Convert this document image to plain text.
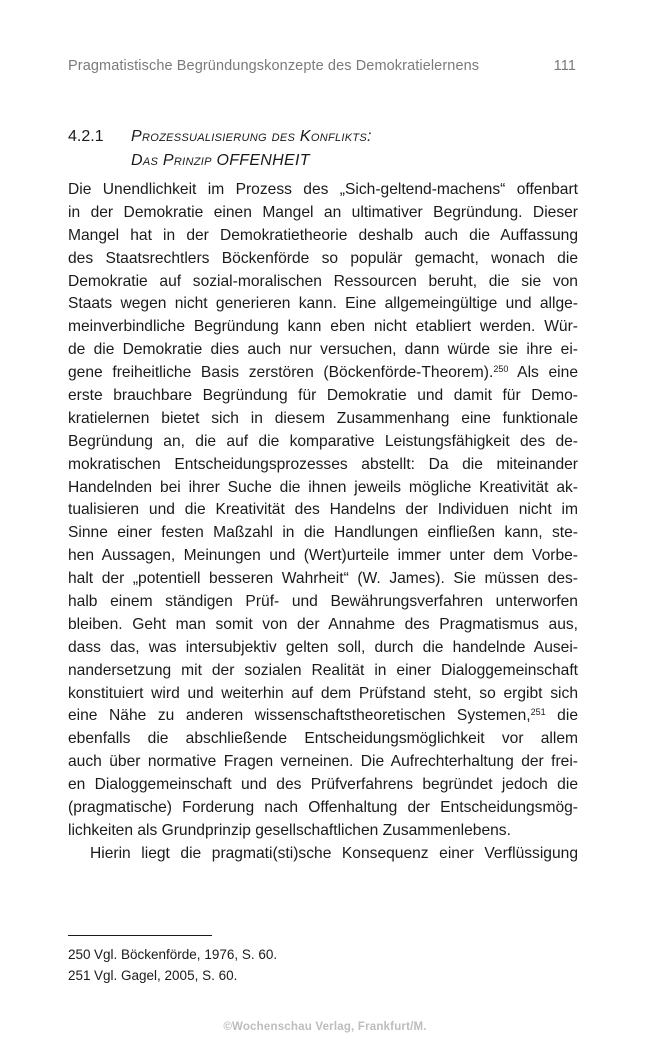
Pragmatistische Begründungskonzepte des Demokratielernens	111
4.2.1 Prozessualisierung des Konflikts:
Das Prinzip OFFENHEIT
Die Unendlichkeit im Prozess des „Sich-geltend-machens“ offenbart
in der Demokratie einen Mangel an ultimativer Begründung. Dieser
Mangel hat in der Demokratietheorie deshalb auch die Auffassung
des Staatsrechtlers Böckenförde so populär gemacht, wonach die
Demokratie auf sozial-moralischen Ressourcen beruht, die sie von
Staats wegen nicht generieren kann. Eine allgemeingültige und allge-
meinverbindliche Begründung kann eben nicht etabliert werden. Wür-
de die Demokratie dies auch nur versuchen, dann würde sie ihre ei-
gene freiheitliche Basis zerstören (Böckenförde-Theorem).$^{250}$ Als eine
erste brauchbare Begründung für Demokratie und damit für Demo-
kratielernen bietet sich in diesem Zusammenhang eine funktionale
Begründung an, die auf die komparative Leistungsfähigkeit des de-
mokratischen Entscheidungsprozesses abstellt: Da die miteinander
Handelnden bei ihrer Suche die ihnen jeweils mögliche Kreativität ak-
tualisieren und die Kreativität des Handelns der Individuen nicht im
Sinne einer festen Maßzahl in die Handlungen einfließen kann, ste-
hen Aussagen, Meinungen und (Wert)urteile immer unter dem Vorbe-
halt der „potentiell besseren Wahrheit“ (W. James). Sie müssen des-
halb einem ständigen Prüf- und Bewährungsverfahren unterworfen
bleiben. Geht man somit von der Annahme des Pragmatismus aus,
dass das, was intersubjektiv gelten soll, durch die handelnde Ausei-
nandersetzung mit der sozialen Realität in einer Dialoggemeinschaft
konstituiert wird und weiterhin auf dem Prüfstand steht, so ergibt sich
eine Nähe zu anderen wissenschaftstheoretischen Systemen,$^{251}$ die
ebenfalls die abschließende Entscheidungsmöglichkeit vor allem
auch über normative Fragen verneinen. Die Aufrechterhaltung der frei-
en Dialoggemeinschaft und des Prüfverfahrens begründet jedoch die
(pragmatische) Forderung nach Offenhaltung der Entscheidungsmög-
lichkeiten als Grundprinzip gesellschaftlichen Zusammenlebens.
Hierin liegt die pragmati(sti)sche Konsequenz einer Verflüssigung
250 Vgl. Böckenförde, 1976, S. 60.
251 Vgl. Gagel, 2005, S. 60.
©Wochenschau Verlag, Frankfurt/M.
